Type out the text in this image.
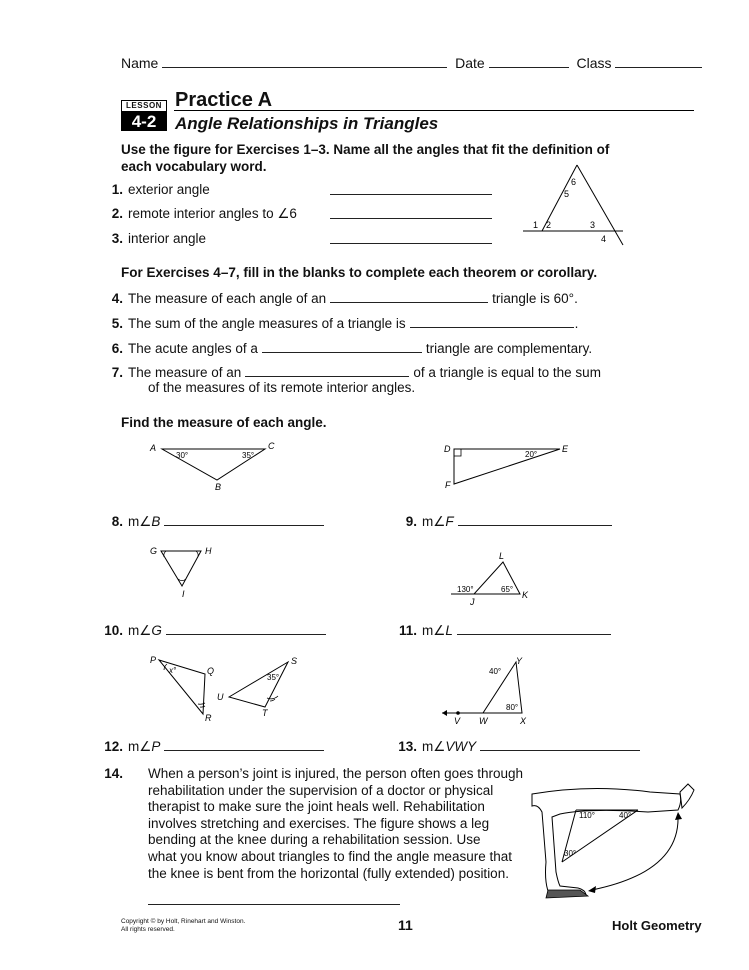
Name	Date	Class
LESSON
4-2
Practice A
Angle Relationships in Triangles
Use the figure for Exercises 1–3. Name all the angles that fit the definition of each vocabulary word.
1. exterior angle
2. remote interior angles to ∠6
3. interior angle
1 2	3
4
5
6
For Exercises 4–7, fill in the blanks to complete each theorem or corollary.
4. The measure of each angle of an	triangle is 60°.
5. The sum of the angle measures of a triangle is	.
6. The acute angles of a	triangle are complementary.
7. The measure of an	of a triangle is equal to the sum
of the measures of its remote interior angles.
Find the measure of each angle.
A	C
B
30°	35°
8. m∠ B
D	E
F
20°
9. m∠ F
G	H
I
10. m∠ G
L
J
K
130°	65°
11. m∠ L
P
Q
R
S
T
U
x°
35°
12. m∠ P
Y
V W	X
40°
80°
13. m∠ VWY
14. When a person’s joint is injured, the person often goes through
rehabilitation under the supervision of a doctor or physical
therapist to make sure the joint heals well. Rehabilitation
involves stretching and exercises. The figure shows a leg
bending at the knee during a rehabilitation session. Use
what you know about triangles to find the angle measure that
the knee is bent from the horizontal (fully extended) position.
110°	40°
30°
Copyright © by Holt, Rinehart and Winston.
All rights reserved.	11	Holt Geometry
